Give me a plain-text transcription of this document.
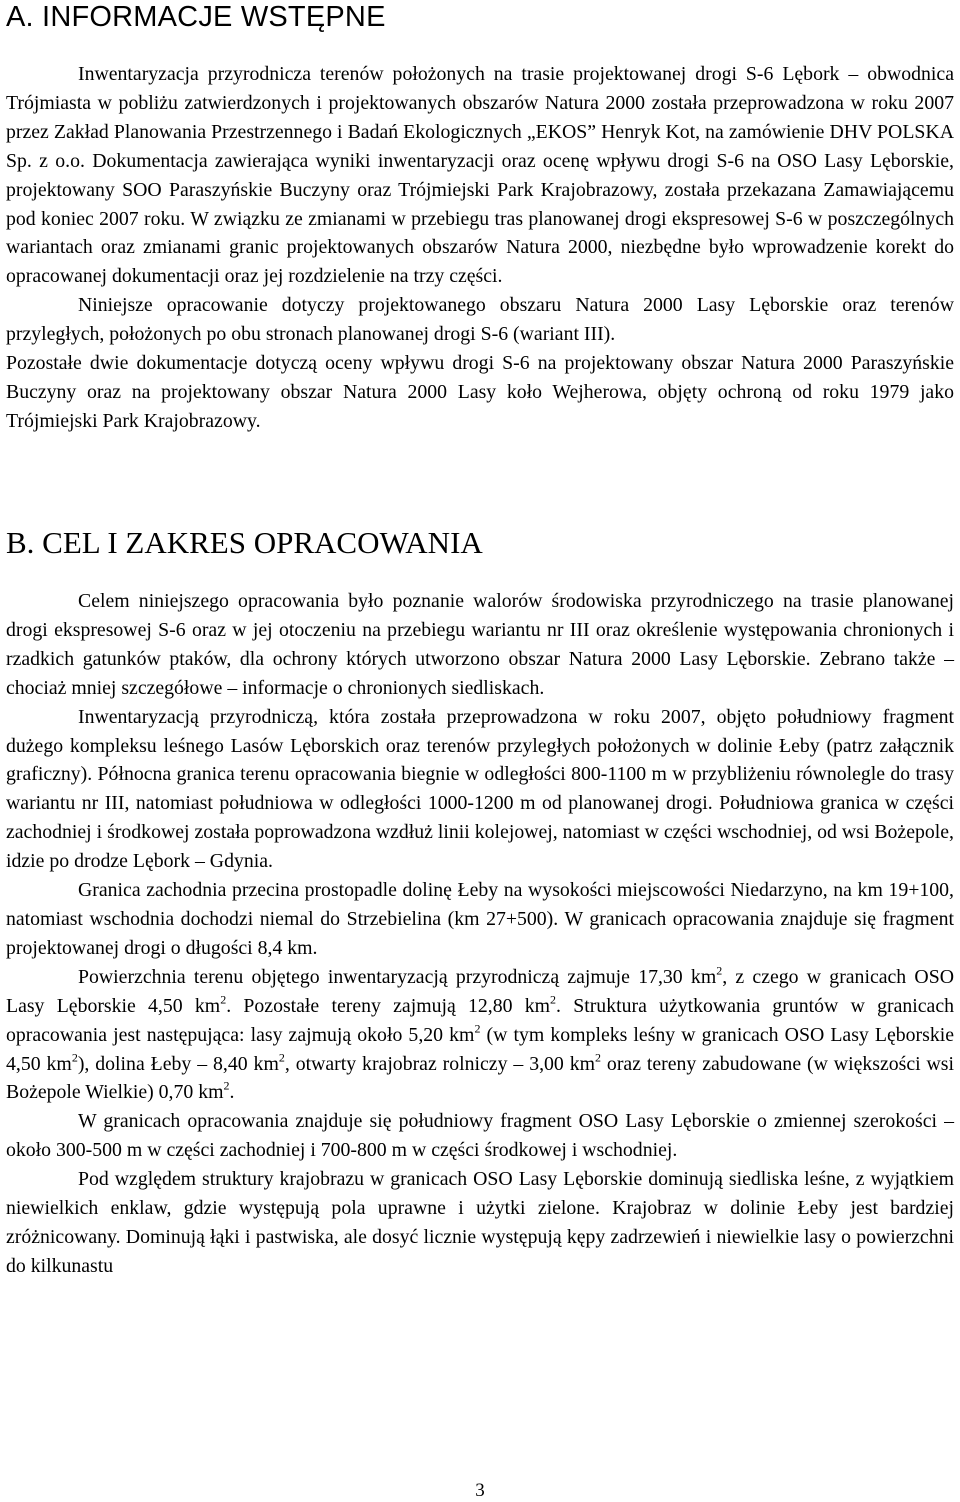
A. INFORMACJE WSTĘPNE

Inwentaryzacja przyrodnicza terenów położonych na trasie projektowanej drogi S-6 Lębork – obwodnica Trójmiasta w pobliżu zatwierdzonych i projektowanych obszarów Natura 2000 została przeprowadzona w roku 2007 przez Zakład Planowania Przestrzennego i Badań Ekologicznych „EKOS” Henryk Kot, na zamówienie DHV POLSKA Sp. z o.o. Dokumentacja zawierająca wyniki inwentaryzacji oraz ocenę wpływu drogi S-6 na OSO Lasy Lęborskie, projektowany SOO Paraszyńskie Buczyny oraz Trójmiejski Park Krajobrazowy, została przekazana Zamawiającemu pod koniec 2007 roku. W związku ze zmianami w przebiegu tras planowanej drogi ekspresowej S-6 w poszczególnych wariantach oraz zmianami granic projektowanych obszarów Natura 2000, niezbędne było wprowadzenie korekt do opracowanej dokumentacji oraz jej rozdzielenie na trzy części.

Niniejsze opracowanie dotyczy projektowanego obszaru Natura 2000 Lasy Lęborskie oraz terenów przyległych, położonych po obu stronach planowanej drogi S-6 (wariant III).

Pozostałe dwie dokumentacje dotyczą oceny wpływu drogi S-6 na projektowany obszar Natura 2000 Paraszyńskie Buczyny oraz na projektowany obszar Natura 2000 Lasy koło Wejherowa, objęty ochroną od roku 1979 jako Trójmiejski Park Krajobrazowy.

B. CEL I ZAKRES OPRACOWANIA

Celem niniejszego opracowania było poznanie walorów środowiska przyrodniczego na trasie planowanej drogi ekspresowej S-6 oraz w jej otoczeniu na przebiegu wariantu nr III oraz określenie występowania chronionych i rzadkich gatunków ptaków, dla ochrony których utworzono obszar Natura 2000 Lasy Lęborskie. Zebrano także – chociaż mniej szczegółowe – informacje o chronionych siedliskach.

Inwentaryzacją przyrodniczą, która została przeprowadzona w roku 2007, objęto południowy fragment dużego kompleksu leśnego Lasów Lęborskich oraz terenów przyległych położonych w dolinie Łeby (patrz załącznik graficzny). Północna granica terenu opracowania biegnie w odległości 800-1100 m w przybliżeniu równolegle do trasy wariantu nr III, natomiast południowa w odległości 1000-1200 m od planowanej drogi. Południowa granica w części zachodniej i środkowej została poprowadzona wzdłuż linii kolejowej, natomiast w części wschodniej, od wsi Bożepole, idzie po drodze Lębork – Gdynia.

Granica zachodnia przecina prostopadle dolinę Łeby na wysokości miejscowości Niedarzyno, na km 19+100, natomiast wschodnia dochodzi niemal do Strzebielina (km 27+500). W granicach opracowania znajduje się fragment projektowanej drogi o długości 8,4 km.

Powierzchnia terenu objętego inwentaryzacją przyrodniczą zajmuje 17,30 $km^2$, z czego w granicach OSO Lasy Lęborskie 4,50 $km^2$. Pozostałe tereny zajmują 12,80 $km^2$. Struktura użytkowania gruntów w granicach opracowania jest następująca: lasy zajmują około 5,20 $km^2$ (w tym kompleks leśny w granicach OSO Lasy Lęborskie 4,50 $km^2$), dolina Łeby – 8,40 $km^2$, otwarty krajobraz rolniczy – 3,00 $km^2$ oraz tereny zabudowane (w większości wsi Bożepole Wielkie) 0,70 $km^2$.

W granicach opracowania znajduje się południowy fragment OSO Lasy Lęborskie o zmiennej szerokości – około 300-500 m w części zachodniej i 700-800 m w części środkowej i wschodniej.

Pod względem struktury krajobrazu w granicach OSO Lasy Lęborskie dominują siedliska leśne, z wyjątkiem niewielkich enklaw, gdzie występują pola uprawne i użytki zielone. Krajobraz w dolinie Łeby jest bardziej zróżnicowany. Dominują łąki i pastwiska, ale dosyć licznie występują kępy zadrzewień i niewielkie lasy o powierzchni do kilkunastu

3
